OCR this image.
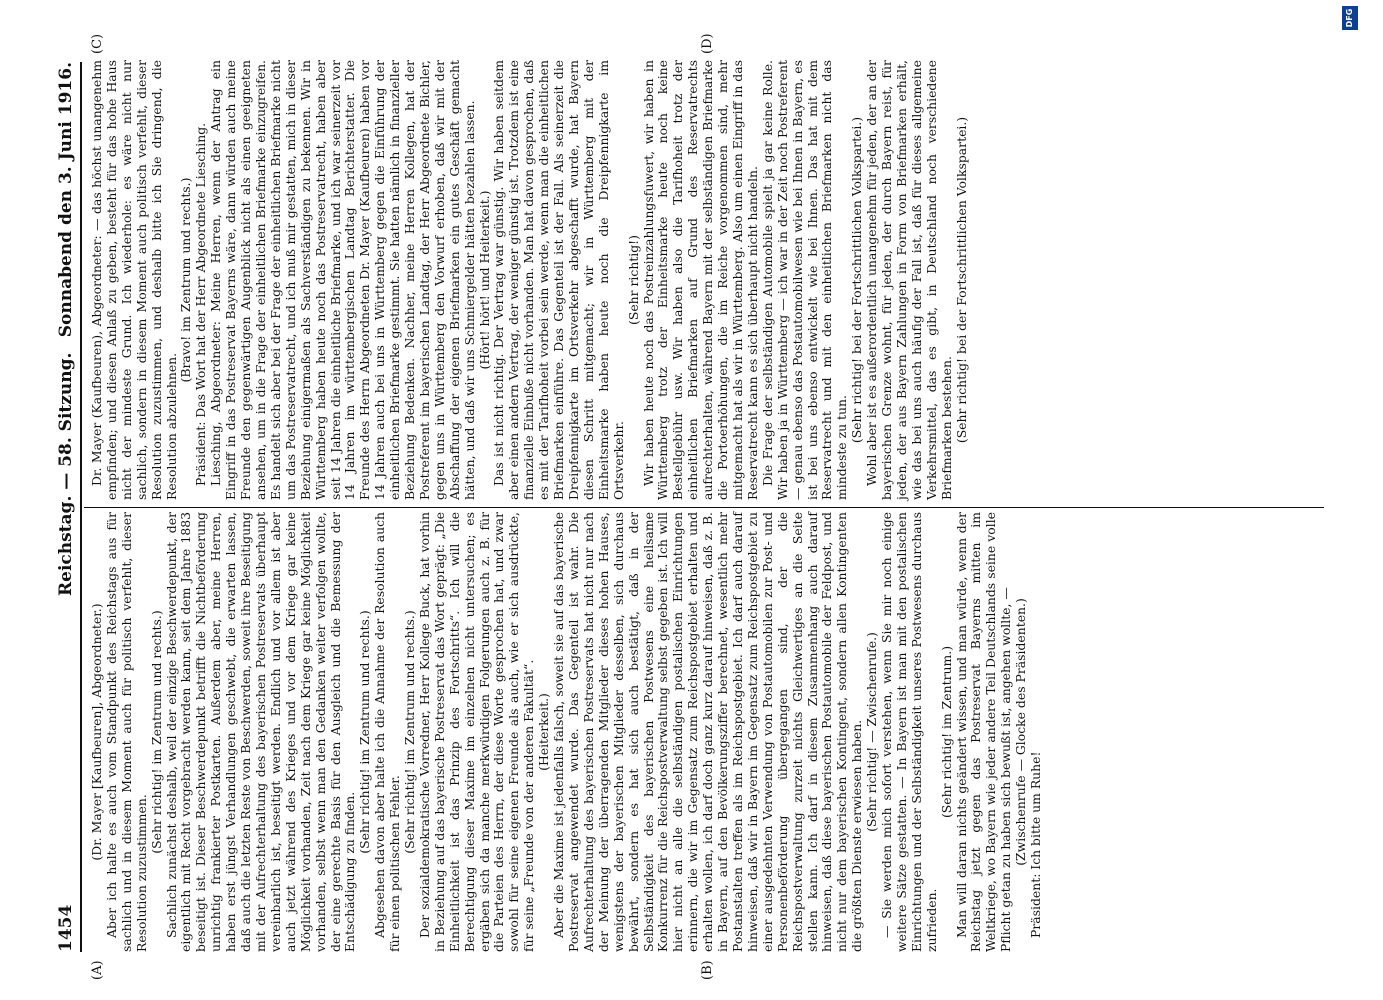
1454
Reichstag. — 58. Sitzung.
Sonnabend den 3. Juni 1916.
(A)	(B)
(C)	(D)

(Dr. Mayer [Kaufbeuren], Abgeordneter.) Aber ich halte es auch vom Standpunkt des Reichstags aus für sachlich und in diesem Moment auch für politisch verfehlt, dieser Resolution zuzustimmen.

(Sehr richtig! im Zentrum und rechts.) Sachlich zunächst deshalb, weil der einzige Beschwerdepunkt, der eigentlich mit Recht vorgebracht werden kann, seit dem Jahre 1883 beseitigt ist. Dieser Beschwerdepunkt betrifft die Nichtbeförderung unrichtig frankierter Postkarten. Außerdem aber, meine Herren, haben erst jüngst Verhandlungen geschwebt, die erwarten lassen, daß auch die letzten Reste von Beschwerden, soweit ihre Beseitigung mit der Aufrechterhaltung des bayerischen Postreservats überhaupt vereinbarlich ist, beseitigt werden. Endlich und vor allem ist aber auch jetzt während des Krieges und vor dem Kriege gar keine Möglichkeit vorhanden, Zeit nach dem Kriege gar keine Möglichkeit vorhanden, selbst wenn man den Gedanken weiter verfolgen wollte, der eine gerechte Basis für den Ausgleich und die Bemessung der Entschädigung zu finden.

(Sehr richtig! im Zentrum und rechts.) Abgesehen davon aber halte ich die Annahme der Resolution auch für einen politischen Fehler.

(Sehr richtig! im Zentrum und rechts.) Der sozialdemokratische Vorredner, Herr Kollege Buck, hat vorhin in Beziehung auf das bayerische Postreservat das Wort geprägt: „Die Einheitlichkeit ist das Prinzip des Fortschritts“. Ich will die Berechtigung dieser Maxime im einzelnen nicht untersuchen; es ergäben sich da manche merkwürdigen Folgerungen auch z. B. für die Parteien des Herrn, der diese Worte gesprochen hat, und zwar sowohl für seine eigenen Freunde als auch, wie er sich ausdrückte, für seine „Freunde von der anderen Fakultät“. (Heiterkeit.) Aber die Maxime ist jedenfalls falsch, soweit sie auf das bayerische Postreservat angewendet wurde. Das Gegenteil ist wahr. Die Aufrechterhaltung des bayerischen Postreservats hat nicht nur nach der Meinung der überragenden Mitglieder dieses hohen Hauses, wenigstens der bayerischen Mitglieder desselben, sich durchaus bewährt, sondern es hat sich auch bestätigt, daß in der Selbständigkeit des bayerischen Postwesens eine heilsame Konkurrenz für die Reichspostverwaltung selbst gegeben ist. Ich will hier nicht an alle die selbständigen postalischen Einrichtungen erinnern, die wir im Gegensatz zum Reichspostgebiet erhalten und erhalten wollen, ich darf doch ganz kurz darauf hinweisen, daß z. B. in Bayern, auf den Bevölkerungsziffer berechnet, wesentlich mehr Postanstalten treffen als im Reichspostgebiet. Ich darf auch darauf hinweisen, daß wir in Bayern im Gegensatz zum Reichspostgebiet zu einer ausgedehnten Verwendung von Postautomobilen zur Post- und Personenbeförderung übergegangen sind, der die Reichspostverwaltung zurzeit nichts Gleichwertiges an die Seite stellen kann. Ich darf in diesem Zusammenhang auch darauf hinweisen, daß diese bayerischen Postautomobile der Feldpost, und nicht nur dem bayerischen Kontingent, sondern allen Kontingenten die größten Dienste erwiesen haben. (Sehr richtig! — Zwischenrufe.) — Sie werden mich sofort verstehen, wenn Sie mir noch einige weitere Sätze gestatten. — In Bayern ist man mit den postalischen Einrichtungen und der Selbständigkeit unseres Postwesens durchaus zufrieden.

(Sehr richtig! im Zentrum.) Man will daran nichts geändert wissen, und man würde, wenn der Reichstag jetzt gegen das Postreservat Bayerns mitten im Weltkriege, wo Bayern wie jeder andere Teil Deutschlands seine volle Pflicht getan zu haben sich bewußt ist, angehen wollte, — (Zwischenrufe — Glocke des Präsidenten.) Präsident: Ich bitte um Ruhe!

Dr. Mayer (Kaufbeuren), Abgeordneter: — das höchst unangenehm empfinden; und diesen Anlaß zu geben, besteht für das hohe Haus nicht der mindeste Grund. Ich wiederhole: es wäre nicht nur sachlich, sondern in diesem Moment auch politisch verfehlt, dieser Resolution zuzustimmen, und deshalb bitte ich Sie dringend, die Resolution abzulehnen.

(Bravo! im Zentrum und rechts.) Präsident: Das Wort hat der Herr Abgeordnete Liesching. Liesching, Abgeordneter: Meine Herren, wenn der Antrag ein Eingriff in das Postreservat Bayerns wäre, dann würden auch meine Freunde den gegenwärtigen Augenblick nicht als einen geeigneten ansehen, um in die Frage der einheitlichen Briefmarke einzugreifen. Es handelt sich aber bei der Frage der einheitlichen Briefmarke nicht um das Postreservatrecht, und ich muß mir gestatten, mich in dieser Beziehung einigermaßen als Sachverständigen zu bekennen. Wir in Württemberg haben heute noch das Postreservatrecht, haben aber seit 14 Jahren die einheitliche Briefmarke, und ich war seinerzeit vor 14 Jahren im württembergischen Landtag Berichterstatter. Die Freunde des Herrn Abgeordneten Dr. Mayer (Kaufbeuren) haben vor 14 Jahren auch bei uns in Württemberg gegen die Einführung der einheitlichen Briefmarke gestimmt. Sie hatten nämlich in finanzieller Beziehung Bedenken. Nachher, meine Herren Kollegen, hat der Postreferent im bayerischen Landtag, der Herr Abgeordnete Bichler, gegen uns in Württemberg den Vorwurf erhoben, daß wir mit der Abschaffung der eigenen Briefmarken ein gutes Geschäft gemacht hätten, und daß wir uns Schmiergelder hätten bezahlen lassen. (Hört! hört! und Heiterkeit.) Das ist nicht richtig. Der Vertrag war günstig. Wir haben seitdem aber einen andern Vertrag, der weniger günstig ist. Trotzdem ist eine finanzielle Einbuße nicht vorhanden. Man hat davon gesprochen, daß es mit der Tarifhoheit vorbei sein werde, wenn man die einheitlichen Briefmarken einführe. Das Gegenteil ist der Fall. Als seinerzeit die Dreipfennigkarte im Ortsverkehr abgeschafft wurde, hat Bayern diesen Schritt mitgemacht; wir in Württemberg mit der Einheitsmarke haben heute noch die Dreipfennigkarte im Ortsverkehr.

(Sehr richtig!) Wir haben heute noch das Postreinzahlungsfuwert, wir haben in Württemberg trotz der Einheitsmarke heute noch keine Bestellgebühr usw. Wir haben also die Tarifhoheit trotz der einheitlichen Briefmarken auf Grund des Reservatrechts aufrechterhalten, während Bayern mit der selbständigen Briefmarke die Portoerhöhungen, die im Reiche vorgenommen sind, mehr mitgemacht hat als wir in Württemberg. Also um einen Eingriff in das Reservatrecht kann es sich überhaupt nicht handeln. Die Frage der selbständigen Automobile spielt ja gar keine Rolle. Wir haben ja in Württemberg — ich war in der Zeit noch Postreferent — genau ebenso das Postautomobilwesen wie bei Ihnen in Bayern, es ist bei uns ebenso entwickelt wie bei Ihnen. Das hat mit dem Reservatrecht und mit den einheitlichen Briefmarken nicht das mindeste zu tun.

(Sehr richtig! bei der Fortschrittlichen Volkspartei.) Wohl aber ist es außerordentlich unangenehm für jeden, der an der bayerischen Grenze wohnt, für jeden, der durch Bayern reist, für jeden, der aus Bayern Zahlungen in Form von Briefmarken erhält, wie das bei uns auch häufig der Fall ist, daß für dieses allgemeine Verkehrsmittel, das es gibt, in Deutschland noch verschiedene Briefmarken bestehen. (Sehr richtig! bei der Fortschrittlichen Volkspartei.)

DFG
